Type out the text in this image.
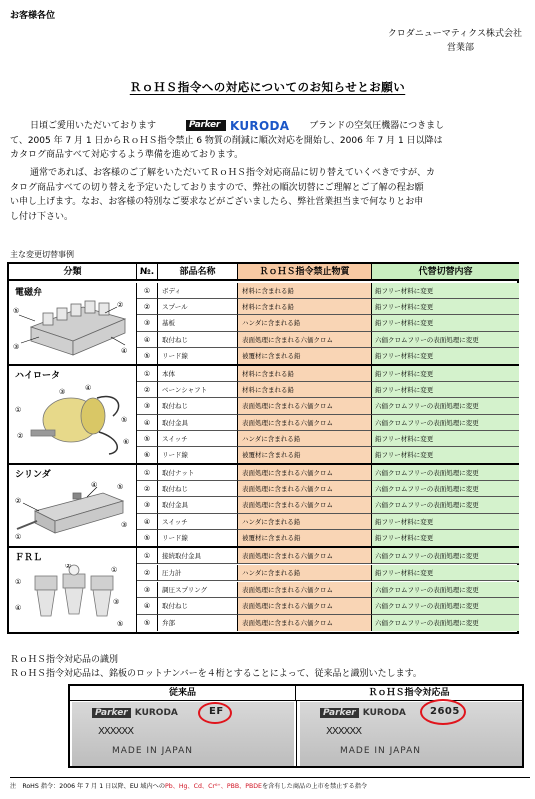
お客様各位
クロダニューマティクス株式会社
営業部
ＲｏＨＳ指令への対応についてのお知らせとお願い
日頃ご愛用いただいております	Parker KURODA ブランドの空気圧機器につきまし
て、2005 年 7 月 1 日からＲｏＨＳ指令禁止 6 物質の削減に順次対応を開始し、2006 年 7 月 1 日以降は
カタログ商品すべて対応するよう準備を進めております。
通常であれば、お客様のご了解をいただいてＲｏＨＳ指令対応商品に切り替えていくべきですが、カ
タログ商品すべての切り替えを予定いたしておりますので、弊社の順次切替にご理解とご了解の程お願
い申し上げます。なお、お客様の特別なご要求などがございましたら、弊社営業担当まで何なりとお申
し付け下さい。
主な変更切替事例
分類	№.	部品名称	ＲｏＨＳ指令禁止物質	代替切替内容
電磁弁
⑤
③
②
④
①	ボディ	材料に含まれる鉛	鉛フリー材料に変更
②	スプール	材料に含まれる鉛	鉛フリー材料に変更
③	基板	ハンダに含まれる鉛	鉛フリー材料に変更
④	取付ねじ	表面処理に含まれる六価クロム	六価クロムフリーの表面処理に変更
⑤	リード線	被覆材に含まれる鉛	鉛フリー材料に変更
ハイロータ
①
②
③	④
⑤
⑥
①	本体	材料に含まれる鉛	鉛フリー材料に変更
②	ベーンシャフト	材料に含まれる鉛	鉛フリー材料に変更
③	取付ねじ	表面処理に含まれる六価クロム	六価クロムフリーの表面処理に変更
④	取付金具	表面処理に含まれる六価クロム	六価クロムフリーの表面処理に変更
⑤	スイッチ	ハンダに含まれる鉛	鉛フリー材料に変更
⑥	リード線	被覆材に含まれる鉛	鉛フリー材料に変更
シリンダ
②
①
④	⑤
③
①	取付ナット	表面処理に含まれる六価クロム	六価クロムフリーの表面処理に変更
②	取付ねじ	表面処理に含まれる六価クロム	六価クロムフリーの表面処理に変更
③	取付金具	表面処理に含まれる六価クロム	六価クロムフリーの表面処理に変更
④	スイッチ	ハンダに含まれる鉛	鉛フリー材料に変更
⑤	リード線	被覆材に含まれる鉛	鉛フリー材料に変更
ＦＲＬ
②	①
①
④
③
⑤
①	接続取付金具	表面処理に含まれる六価クロム	六価クロムフリーの表面処理に変更
②	圧力計	ハンダに含まれる鉛	鉛フリー材料に変更
③	調圧スプリング	表面処理に含まれる六価クロム	六価クロムフリーの表面処理に変更
④	取付ねじ	表面処理に含まれる六価クロム	六価クロムフリーの表面処理に変更
⑤	弁部	表面処理に含まれる六価クロム	六価クロムフリーの表面処理に変更
ＲｏＨＳ指令対応品の識別
ＲｏＨＳ指令対応品は、銘板のロットナンバーを４桁とすることによって、従来品と識別いたします。
従来品	ＲｏＨＳ指令対応品
Parker KURODA	EF
XXXXXX
MADE IN JAPAN
Parker KURODA 2605
XXXXXX
MADE IN JAPAN
注　RoHS 指令：2006 年 7 月 1 日以降、EU 域内へのPb、Hg、Cd、Cr⁶⁺、PBB、PBDEを含有した商品の上市を禁止する指令
